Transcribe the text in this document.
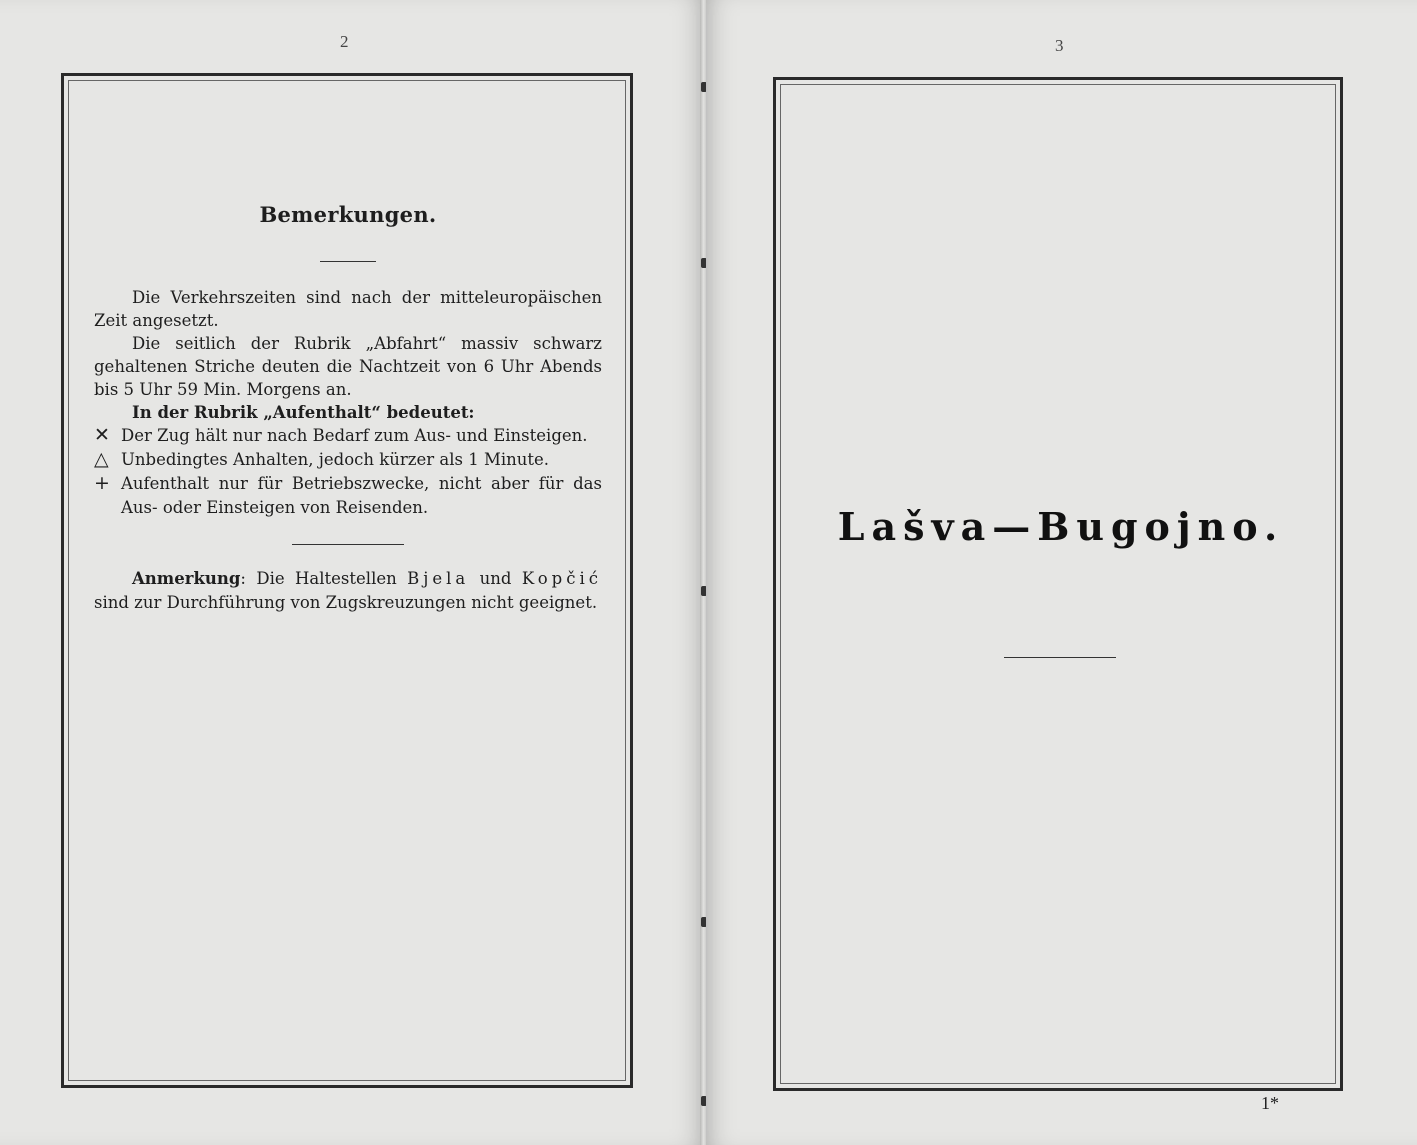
2
Bemerkungen.

Die Verkehrszeiten sind nach der mitteleuropäischen Zeit angesetzt.

Die seitlich der Rubrik „Abfahrt“ massiv schwarz gehaltenen Striche deuten die Nachtzeit von 6 Uhr Abends bis 5 Uhr 59 Min. Morgens an.

In der Rubrik „Aufenthalt“ bedeutet:

✕ Der Zug hält nur nach Bedarf zum Aus- und Einsteigen.
△ Unbedingtes Anhalten, jedoch kürzer als 1 Minute.
+ Aufenthalt nur für Betriebszwecke, nicht aber für das Aus- oder Einsteigen von Reisenden.

Anmerkung: Die Haltestellen Bjela und Kopčić sind zur Durchführung von Zugskreuzungen nicht geeignet.

3
Lašva—Bugojno.
1*
